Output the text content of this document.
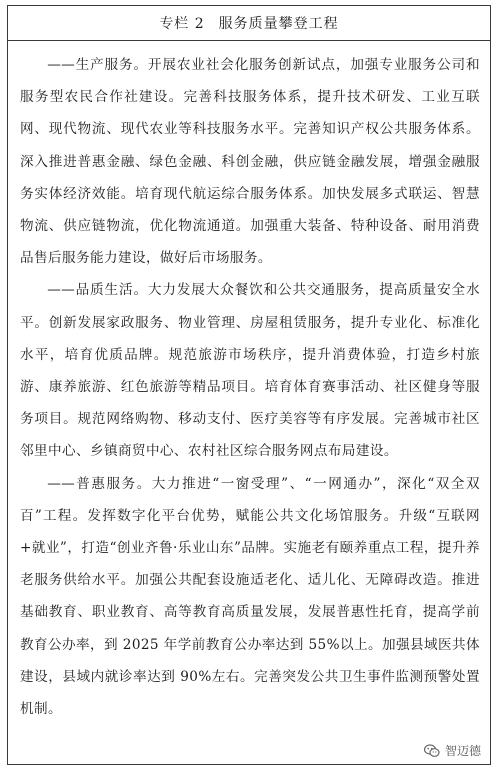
专栏 2 服务质量攀登工程

——生产服务。开展农业社会化服务创新试点，加强专业服务公司和服务型农民合作社建设。完善科技服务体系，提升技术研发、工业互联网、现代物流、现代农业等科技服务水平。完善知识产权公共服务体系。深入推进普惠金融、绿色金融、科创金融，供应链金融发展，增强金融服务实体经济效能。培育现代航运综合服务体系。加快发展多式联运、智慧物流、供应链物流，优化物流通道。加强重大装备、特种设备、耐用消费品售后服务能力建设，做好后市场服务。

——品质生活。大力发展大众餐饮和公共交通服务，提高质量安全水平。创新发展家政服务、物业管理、房屋租赁服务，提升专业化、标准化水平，培育优质品牌。规范旅游市场秩序，提升消费体验，打造乡村旅游、康养旅游、红色旅游等精品项目。培育体育赛事活动、社区健身等服务项目。规范网络购物、移动支付、医疗美容等有序发展。完善城市社区邻里中心、乡镇商贸中心、农村社区综合服务网点布局建设。

——普惠服务。大力推进“一窗受理”、“一网通办”，深化“双全双百”工程。发挥数字化平台优势，赋能公共文化场馆服务。升级“互联网+就业”，打造“创业齐鲁·乐业山东”品牌。实施老有颐养重点工程，提升养老服务供给水平。加强公共配套设施适老化、适儿化、无障碍改造。推进基础教育、职业教育、高等教育高质量发展，发展普惠性托育，提高学前教育公办率，到 2025 年学前教育公办率达到 55%以上。加强县域医共体建设，县域内就诊率达到 90%左右。完善突发公共卫生事件监测预警处置机制。

智迈德
